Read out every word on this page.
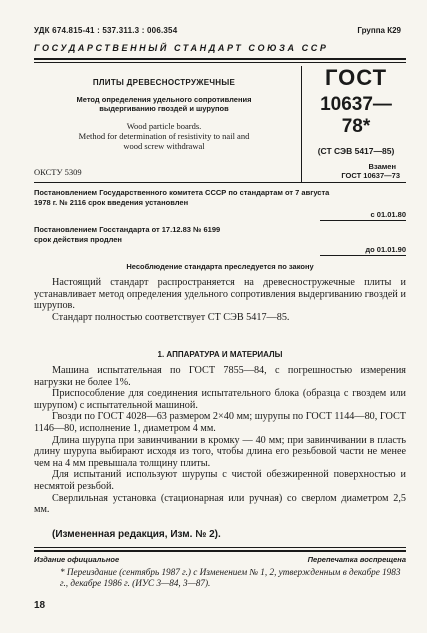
УДК 674.815-41 : 537.311.3 : 006.354	Группа К29
ГОСУДАРСТВЕННЫЙ СТАНДАРТ СОЮЗА ССР
ПЛИТЫ ДРЕВЕСНОСТРУЖЕЧНЫЕ
Метод определения удельного сопротивления
выдергиванию гвоздей и шурупов
Wood particle boards.
Method for determination of resistivity to nail and
wood screw withdrawal
ГОСТ
10637—78*
(СТ СЭВ 5417—85)
Взамен
ГОСТ 10637—73
ОКСТУ 5309
Постановлением Государственного комитета СССР по стандартам от 7 августа
1978 г. № 2116 срок введения установлен
с 01.01.80
Постановлением Госстандарта от 17.12.83 № 6199
срок действия продлен
до 01.01.90
Несоблюдение стандарта преследуется по закону

Настоящий стандарт распространяется на древесностружечные плиты и устанавливает метод определения удельного сопротивления выдергиванию гвоздей и шурупов.

Стандарт полностью соответствует СТ СЭВ 5417—85.

1. АППАРАТУРА И МАТЕРИАЛЫ

Машина испытательная по ГОСТ 7855—84, с погрешностью измерения нагрузки не более 1%.

Приспособление для соединения испытательного блока (образца с гвоздем или шурупом) с испытательной машиной.

Гвозди по ГОСТ 4028—63 размером 2×40 мм; шурупы по ГОСТ 1144—80, ГОСТ 1146—80, исполнение 1, диаметром 4 мм.

Длина шурупа при завинчивании в кромку — 40 мм; при завинчивании в пласть длину шурупа выбирают исходя из того, чтобы длина его резьбовой части не менее чем на 4 мм превышала толщину плиты.

Для испытаний используют шурупы с чистой обезжиренной поверхностью и несмятой резьбой.

Сверлильная установка (стационарная или ручная) со сверлом диаметром 2,5 мм.

(Измененная редакция, Изм. № 2).
Издание официальное	Перепечатка воспрещена
* Переиздание (сентябрь 1987 г.) с Изменением № 1, 2, утвержденным в декабре 1983 г., декабре 1986 г. (ИУС 3—84, 3—87).
18
